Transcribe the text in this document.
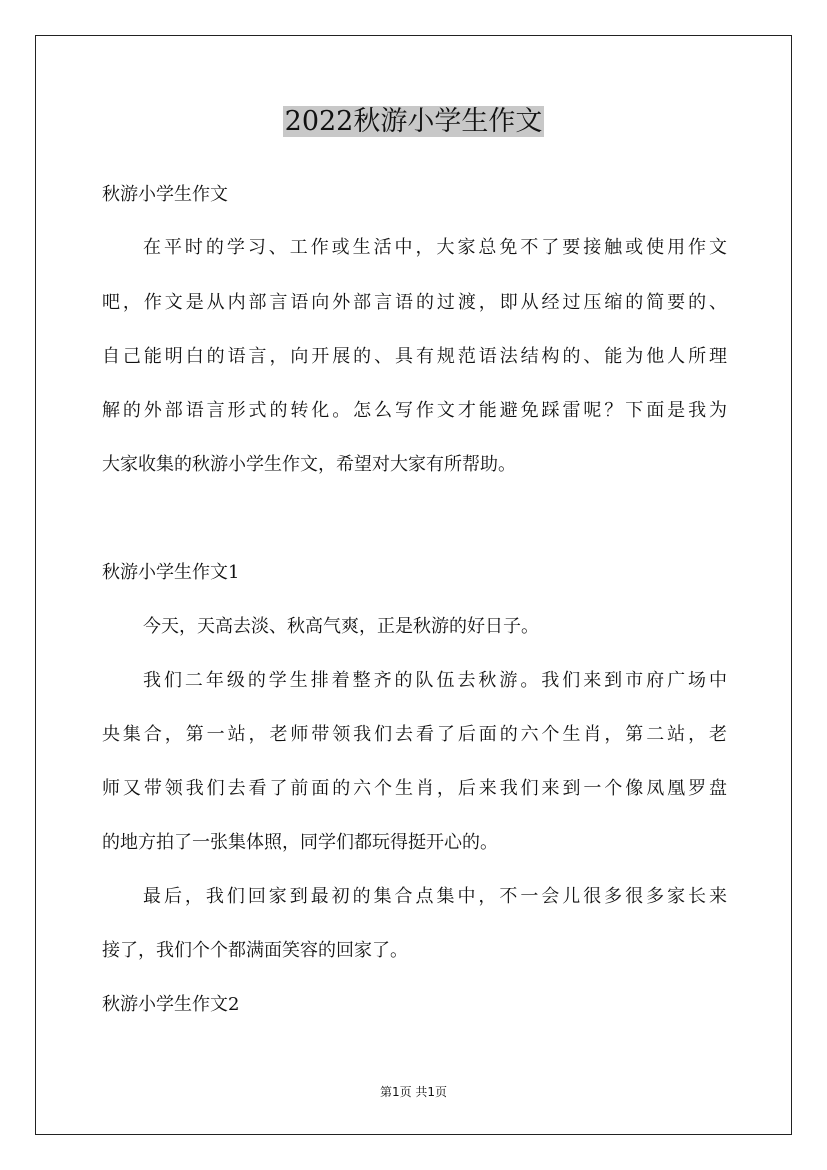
2022秋游小学生作文

秋游小学生作文

在平时的学习、工作或生活中，大家总免不了要接触或使用作文

吧，作文是从内部言语向外部言语的过渡，即从经过压缩的简要的、

自己能明白的语言，向开展的、具有规范语法结构的、能为他人所理

解的外部语言形式的转化。怎么写作文才能避免踩雷呢？下面是我为

大家收集的秋游小学生作文，希望对大家有所帮助。

秋游小学生作文1

今天，天高去淡、秋高气爽，正是秋游的好日子。

我们二年级的学生排着整齐的队伍去秋游。我们来到市府广场中

央集合，第一站，老师带领我们去看了后面的六个生肖，第二站，老

师又带领我们去看了前面的六个生肖，后来我们来到一个像凤凰罗盘

的地方拍了一张集体照，同学们都玩得挺开心的。

最后，我们回家到最初的集合点集中，不一会儿很多很多家长来

接了，我们个个都满面笑容的回家了。

秋游小学生作文2

第1页 共1页
